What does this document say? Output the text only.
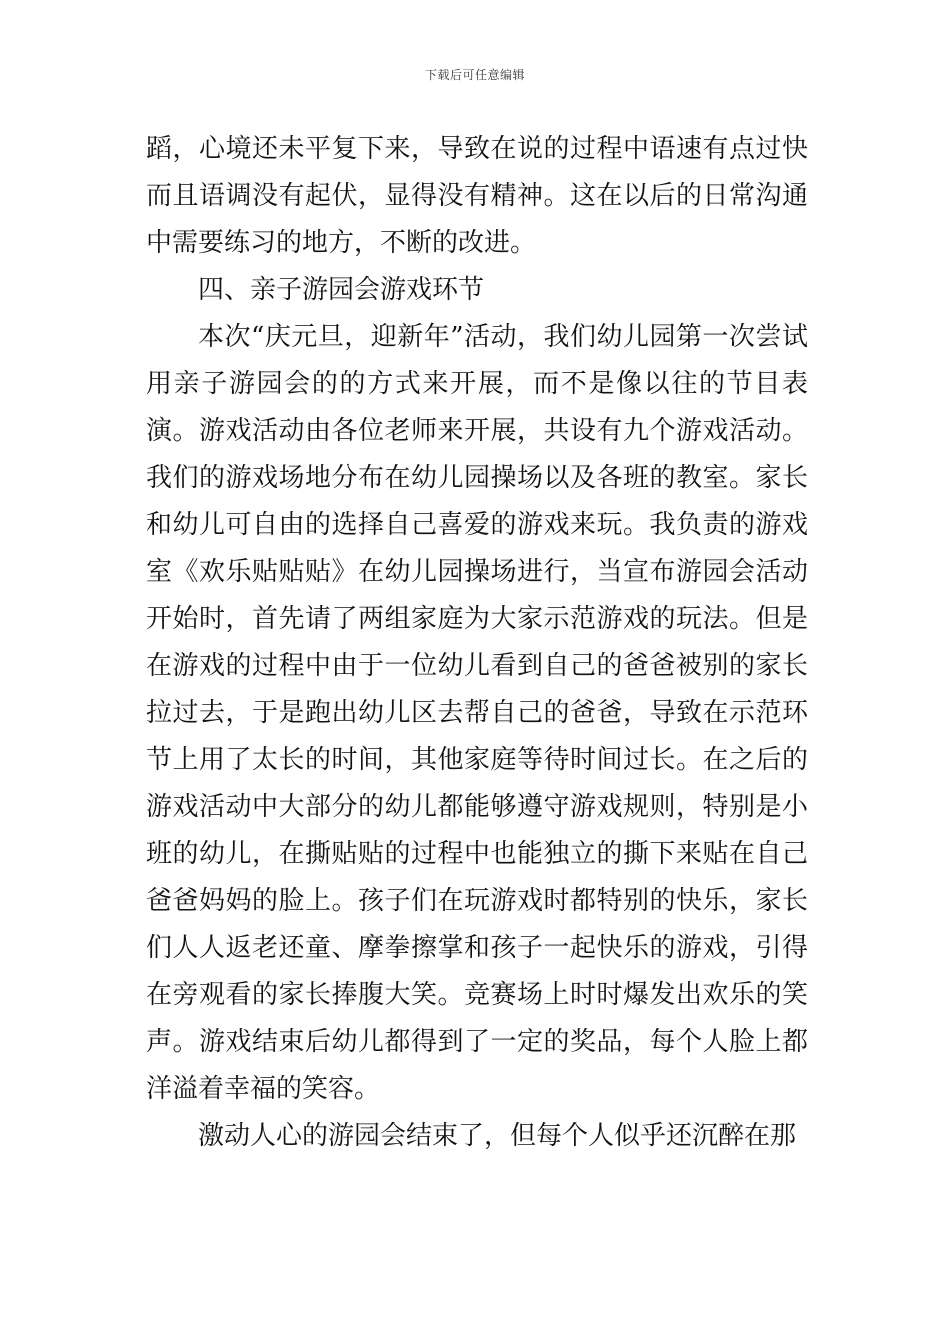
下载后可任意编辑

蹈，心境还未平复下来，导致在说的过程中语速有点过快而且语调没有起伏，显得没有精神。这在以后的日常沟通中需要练习的地方，不断的改进。

四、亲子游园会游戏环节

本次“庆元旦，迎新年”活动，我们幼儿园第一次尝试用亲子游园会的的方式来开展，而不是像以往的节目表演。游戏活动由各位老师来开展，共设有九个游戏活动。我们的游戏场地分布在幼儿园操场以及各班的教室。家长和幼儿可自由的选择自己喜爱的游戏来玩。我负责的游戏室《欢乐贴贴贴》在幼儿园操场进行，当宣布游园会活动开始时，首先请了两组家庭为大家示范游戏的玩法。但是在游戏的过程中由于一位幼儿看到自己的爸爸被别的家长拉过去，于是跑出幼儿区去帮自己的爸爸，导致在示范环节上用了太长的时间，其他家庭等待时间过长。在之后的游戏活动中大部分的幼儿都能够遵守游戏规则，特别是小班的幼儿，在撕贴贴的过程中也能独立的撕下来贴在自己爸爸妈妈的脸上。孩子们在玩游戏时都特别的快乐，家长们人人返老还童、摩拳擦掌和孩子一起快乐的游戏，引得在旁观看的家长捧腹大笑。竞赛场上时时爆发出欢乐的笑声。游戏结束后幼儿都得到了一定的奖品，每个人脸上都洋溢着幸福的笑容。

激动人心的游园会结束了，但每个人似乎还沉醉在那
